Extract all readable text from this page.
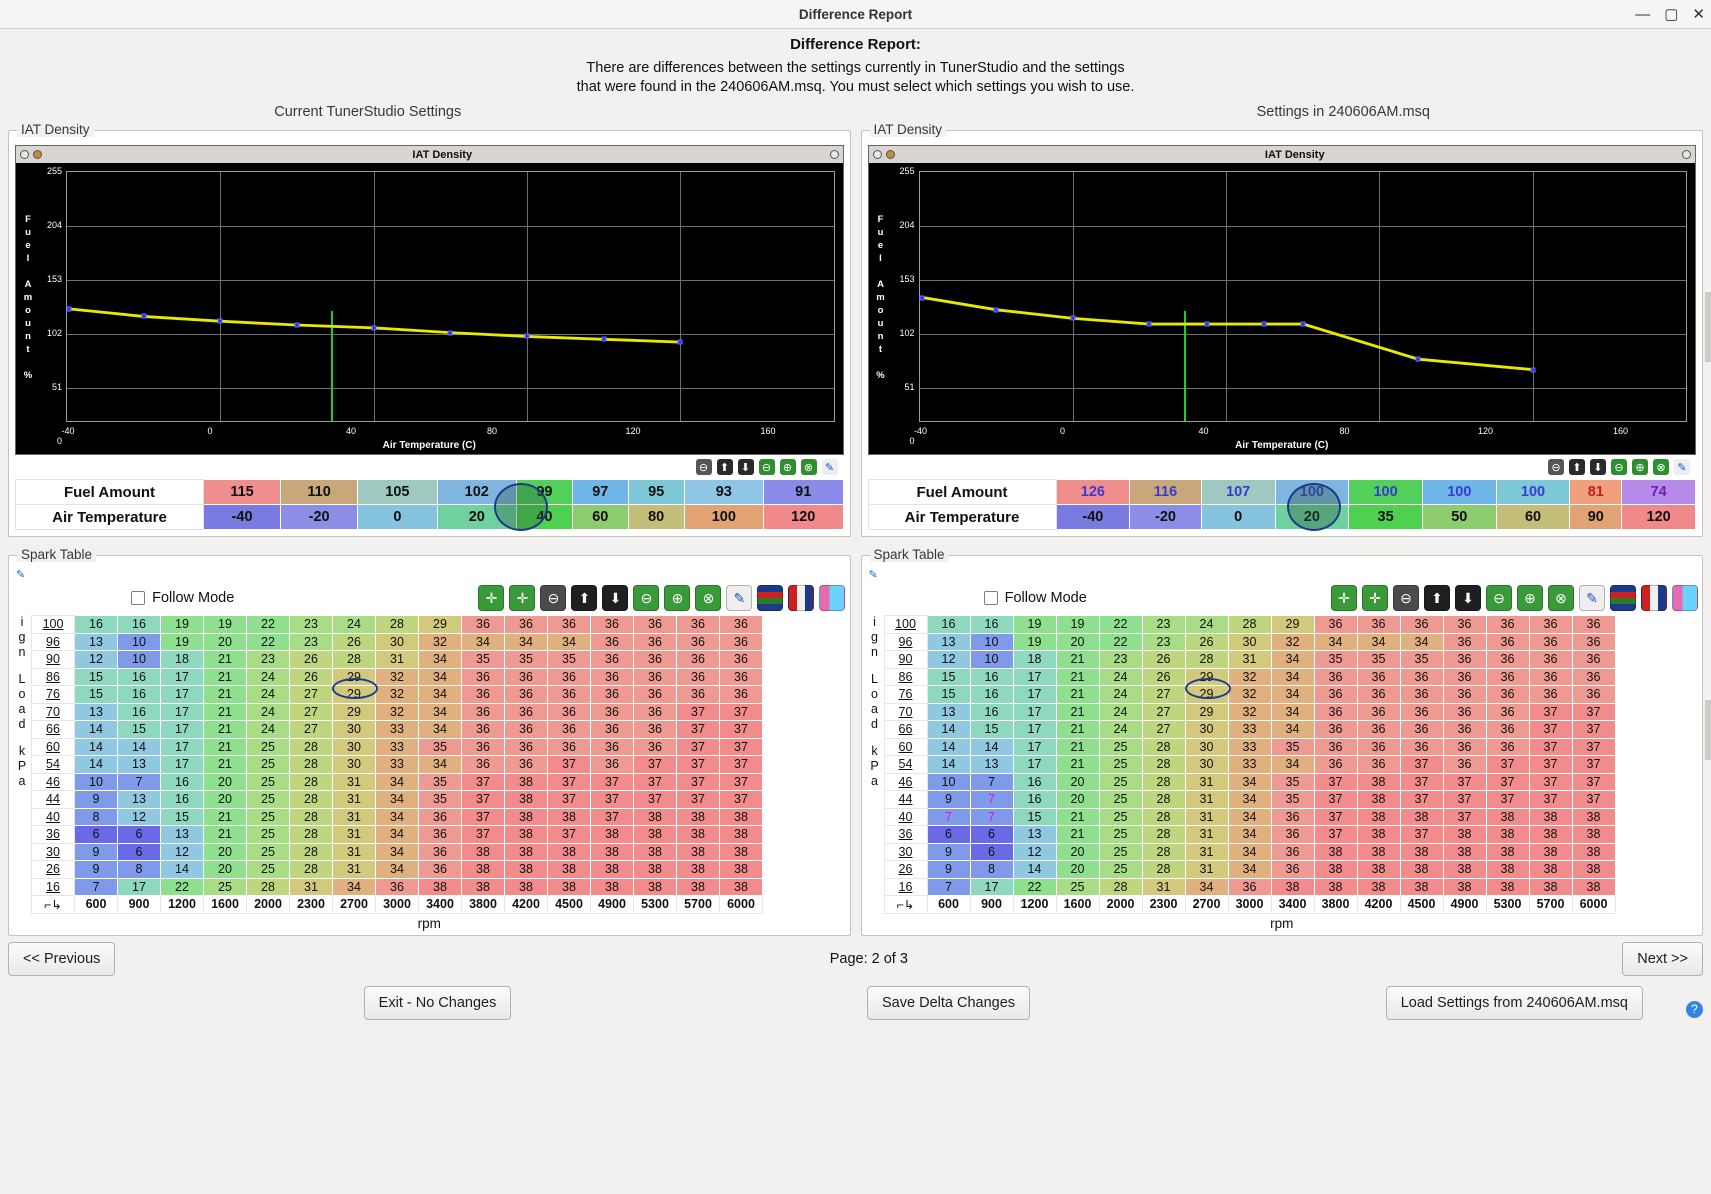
Difference Report	— ▢ ✕
Difference Report:
There are differences between the settings currently in TunerStudio and the settings
that were found in the 240606AM.msq. You must select which settings you wish to use.
Current TunerStudio Settings	Settings in 240606AM.msq
IAT Density
IAT Density
F
u
e
l

A
m
o
u
n
t

%
255
204
153
102
51
0
-40	0	40	80	120	160
Air Temperature (C)
⊖	⬆	⬇	⊖	⊕	⊗	✎
Fuel Amount	115	110	105	102	99	97	95	93	91
Air Temperature	-40	-20	0	20	40	60	80	100	120
IAT Density
IAT Density
F
u
e
l

A
m
o
u
n
t

%
255
204
153
102
51
0
-40	0	40	80	120	160
Air Temperature (C)
⊖	⬆	⬇	⊖	⊕	⊗	✎
Fuel Amount	126	116	107	100	100	100	100	81	74
Air Temperature	-40	-20	0	20	35	50	60	90	120
Spark Table
✎
Follow Mode	✛	✛	⊖	⬆	⬇	⊖	⊕	⊗	✎
i
g
n
L
o
a
d
k
P
a
100	16	16	19	19	22	23	24	28	29	36	36	36	36	36	36	36
96	13	10	19	20	22	23	26	30	32	34	34	34	36	36	36	36
90	12	10	18	21	23	26	28	31	34	35	35	35	36	36	36	36
86	15	16	17	21	24	26	29	32	34	36	36	36	36	36	36	36
76	15	16	17	21	24	27	29	32	34	36	36	36	36	36	36	36
70	13	16	17	21	24	27	29	32	34	36	36	36	36	36	37	37
66	14	15	17	21	24	27	30	33	34	36	36	36	36	36	37	37
60	14	14	17	21	25	28	30	33	35	36	36	36	36	36	37	37
54	14	13	17	21	25	28	30	33	34	36	36	37	36	37	37	37
46	10	7	16	20	25	28	31	34	35	37	38	37	37	37	37	37
44	9	13	16	20	25	28	31	34	35	37	38	37	37	37	37	37
40	8	12	15	21	25	28	31	34	36	37	38	38	37	38	38	38
36	6	6	13	21	25	28	31	34	36	37	38	37	38	38	38	38
30	9	6	12	20	25	28	31	34	36	38	38	38	38	38	38	38
26	9	8	14	20	25	28	31	34	36	38	38	38	38	38	38	38
16	7	17	22	25	28	31	34	36	38	38	38	38	38	38	38	38
⌐↳	600	900	1200	1600	2000	2300	2700	3000	3400	3800	4200	4500	4900	5300	5700	6000
rpm
Spark Table
✎
Follow Mode	✛	✛	⊖	⬆	⬇	⊖	⊕	⊗	✎
i
g
n
L
o
a
d
k
P
a
100	16	16	19	19	22	23	24	28	29	36	36	36	36	36	36	36
96	13	10	19	20	22	23	26	30	32	34	34	34	36	36	36	36
90	12	10	18	21	23	26	28	31	34	35	35	35	36	36	36	36
86	15	16	17	21	24	26	29	32	34	36	36	36	36	36	36	36
76	15	16	17	21	24	27	29	32	34	36	36	36	36	36	36	36
70	13	16	17	21	24	27	29	32	34	36	36	36	36	36	37	37
66	14	15	17	21	24	27	30	33	34	36	36	36	36	36	37	37
60	14	14	17	21	25	28	30	33	35	36	36	36	36	36	37	37
54	14	13	17	21	25	28	30	33	34	36	36	37	36	37	37	37
46	10	7	16	20	25	28	31	34	35	37	38	37	37	37	37	37
44	9	7	16	20	25	28	31	34	35	37	38	37	37	37	37	37
40	7	7	15	21	25	28	31	34	36	37	38	38	37	38	38	38
36	6	6	13	21	25	28	31	34	36	37	38	37	38	38	38	38
30	9	6	12	20	25	28	31	34	36	38	38	38	38	38	38	38
26	9	8	14	20	25	28	31	34	36	38	38	38	38	38	38	38
16	7	17	22	25	28	31	34	36	38	38	38	38	38	38	38	38
⌐↳	600	900	1200	1600	2000	2300	2700	3000	3400	3800	4200	4500	4900	5300	5700	6000
rpm
<< Previous	Page: 2 of 3	Next >>
Exit - No Changes	Save Delta Changes	Load Settings from 240606AM.msq	?
